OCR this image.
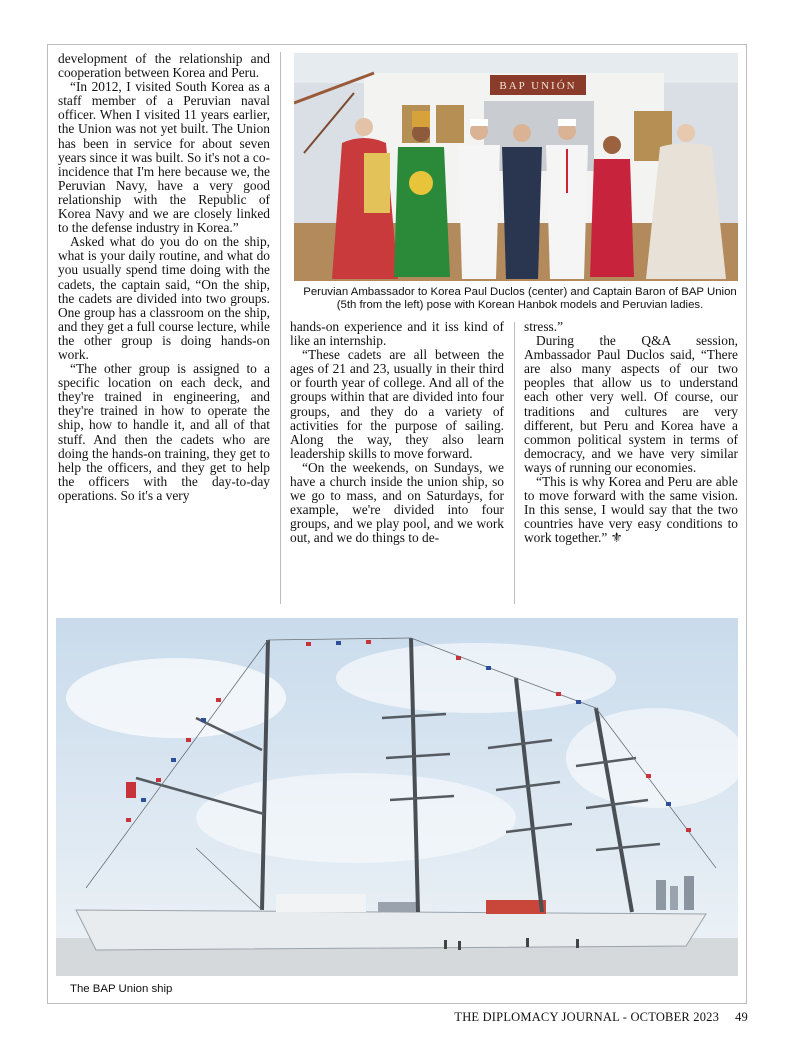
development of the relationship and cooperation between Korea and Peru.

“In 2012, I visited South Korea as a staff member of a Peruvian naval officer. When I visited 11 years earlier, the Union was not yet built. The Union has been in service for about seven years since it was built. So it's not a coincidence that I'm here because we, the Peruvian Navy, have a very good relationship with the Republic of Korea Navy and we are closely linked to the defense industry in Korea.”

Asked what do you do on the ship, what is your daily routine, and what do you usually spend time doing with the cadets, the captain said, “On the ship, the cadets are divided into two groups. One group has a classroom on the ship, and they get a full course lecture, while the other group is doing hands-on work.

“The other group is assigned to a specific location on each deck, and they're trained in engineering, and they're trained in how to operate the ship, how to handle it, and all of that stuff. And then the cadets who are doing the hands-on training, they get to help the officers, and they get to help the officers with the day-to-day operations. So it's a very

BAP UNIÓN
Peruvian Ambassador to Korea Paul Duclos (center) and Captain Baron of BAP Union (5th from the left) pose with Korean Hanbok models and Peruvian ladies.

hands-on experience and it iss kind of like an internship.

“These cadets are all between the ages of 21 and 23, usually in their third or fourth year of college. And all of the groups within that are divided into four groups, and they do a variety of activities for the purpose of sailing. Along the way, they also learn leadership skills to move forward.

“On the weekends, on Sundays, we have a church inside the union ship, so we go to mass, and on Saturdays, for example, we're divided into four groups, and we play pool, and we work out, and we do things to de-

stress.”

During the Q&A session, Ambassador Paul Duclos said, “There are also many aspects of our two peoples that allow us to understand each other very well. Of course, our traditions and cultures are very different, but Peru and Korea have a common political system in terms of democracy, and we have very similar ways of running our economies.

“This is why Korea and Peru are able to move forward with the same vision. In this sense, I would say that the two countries have very easy conditions to work together.” ⚜

The BAP Union ship
THE DIPLOMACY JOURNAL - OCTOBER 2023 49
